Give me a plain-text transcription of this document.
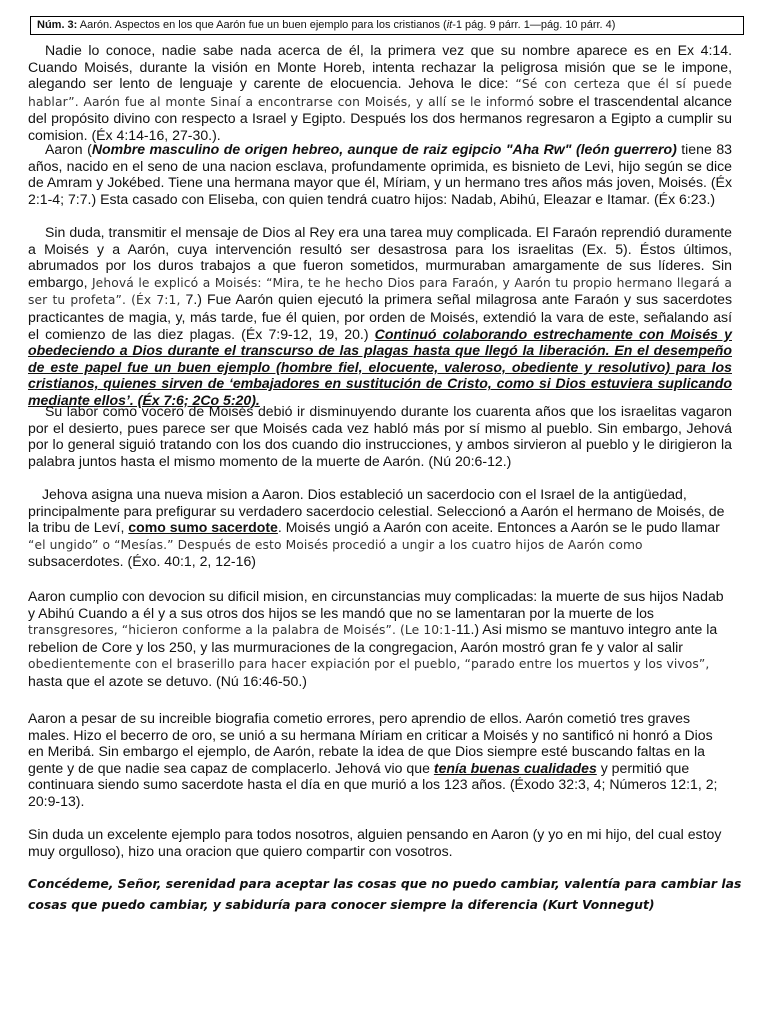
Núm. 3: Aarón. Aspectos en los que Aarón fue un buen ejemplo para los cristianos (it-1 pág. 9 párr. 1—pág. 10 párr. 4)

Nadie lo conoce, nadie sabe nada acerca de él, la primera vez que su nombre aparece es en Ex 4:14. Cuando Moisés, durante la visión en Monte Horeb, intenta rechazar la peligrosa misión que se le impone, alegando ser lento de lenguaje y carente de elocuencia. Jehova le dice: “Sé con certeza que él sí puede hablar”. Aarón fue al monte Sinaí a encontrarse con Moisés, y allí se le informó sobre el trascendental alcance del propósito divino con respecto a Israel y Egipto. Después los dos hermanos regresaron a Egipto a cumplir su comision. (Éx 4:14-16, 27-30.).

Aaron (Nombre masculino de origen hebreo, aunque de raiz egipcio "Aha Rw" (león guerrero) tiene 83 años, nacido en el seno de una nacion esclava, profundamente oprimida, es bisnieto de Levi, hijo según se dice de Amram y Jokébed. Tiene una hermana mayor que él, Míriam, y un hermano tres años más joven, Moisés. (Éx 2:1-4; 7:7.) Esta casado con Eliseba, con quien tendrá cuatro hijos: Nadab, Abihú, Eleazar e Itamar. (Éx 6:23.)

Sin duda, transmitir el mensaje de Dios al Rey era una tarea muy complicada. El Faraón reprendió duramente a Moisés y a Aarón, cuya intervención resultó ser desastrosa para los israelitas (Ex. 5). Éstos últimos, abrumados por los duros trabajos a que fueron sometidos, murmuraban amargamente de sus líderes. Sin embargo, Jehová le explicó a Moisés: “Mira, te he hecho Dios para Faraón, y Aarón tu propio hermano llegará a ser tu profeta”. (Éx 7:1, 7.) Fue Aarón quien ejecutó la primera señal milagrosa ante Faraón y sus sacerdotes practicantes de magia, y, más tarde, fue él quien, por orden de Moisés, extendió la vara de este, señalando así el comienzo de las diez plagas. (Éx 7:9-12, 19, 20.) Continuó colaborando estrechamente con Moisés y obedeciendo a Dios durante el transcurso de las plagas hasta que llegó la liberación. En el desempeño de este papel fue un buen ejemplo (hombre fiel, elocuente, valeroso, obediente y resolutivo) para los cristianos, quienes sirven de ‘embajadores en sustitución de Cristo, como si Dios estuviera suplicando mediante ellos’. (Éx 7:6; 2Co 5:20).

Su labor como vocero de Moisés debió ir disminuyendo durante los cuarenta años que los israelitas vagaron por el desierto, pues parece ser que Moisés cada vez habló más por sí mismo al pueblo. Sin embargo, Jehová por lo general siguió tratando con los dos cuando dio instrucciones, y ambos sirvieron al pueblo y le dirigieron la palabra juntos hasta el mismo momento de la muerte de Aarón. (Nú 20:6-12.)

Jehova asigna una nueva mision a Aaron. Dios estableció un sacerdocio con el Israel de la antigüedad, principalmente para prefigurar su verdadero sacerdocio celestial. Seleccionó a Aarón el hermano de Moisés, de la tribu de Leví, como sumo sacerdote. Moisés ungió a Aarón con aceite. Entonces a Aarón se le pudo llamar “el ungido” o “Mesías.” Después de esto Moisés procedió a ungir a los cuatro hijos de Aarón como subsacerdotes. (Éxo. 40:1, 2, 12-16)

Aaron cumplio con devocion su dificil mision, en circunstancias muy complicadas: la muerte de sus hijos Nadab y Abihú Cuando a él y a sus otros dos hijos se les mandó que no se lamentaran por la muerte de los transgresores, “hicieron conforme a la palabra de Moisés”. (Le 10:1-11.) Asi mismo se mantuvo integro ante la rebelion de Core y los 250, y las murmuraciones de la congregacion, Aarón mostró gran fe y valor al salir obedientemente con el braserillo para hacer expiación por el pueblo, “parado entre los muertos y los vivos”, hasta que el azote se detuvo. (Nú 16:46-50.)

Aaron a pesar de su increible biografia cometio errores, pero aprendio de ellos. Aarón cometió tres graves males. Hizo el becerro de oro, se unió a su hermana Míriam en criticar a Moisés y no santificó ni honró a Dios en Meribá. Sin embargo el ejemplo, de Aarón, rebate la idea de que Dios siempre esté buscando faltas en la gente y de que nadie sea capaz de complacerlo. Jehová vio que tenía buenas cualidades y permitió que continuara siendo sumo sacerdote hasta el día en que murió a los 123 años. (Éxodo 32:3, 4; Números 12:1, 2; 20:9-13).

Sin duda un excelente ejemplo para todos nosotros, alguien pensando en Aaron (y yo en mi hijo, del cual estoy muy orgulloso), hizo una oracion que quiero compartir con vosotros.

Concédeme, Señor, serenidad para aceptar las cosas que no puedo cambiar, valentía para cambiar las cosas que puedo cambiar, y sabiduría para conocer siempre la diferencia (Kurt Vonnegut)
